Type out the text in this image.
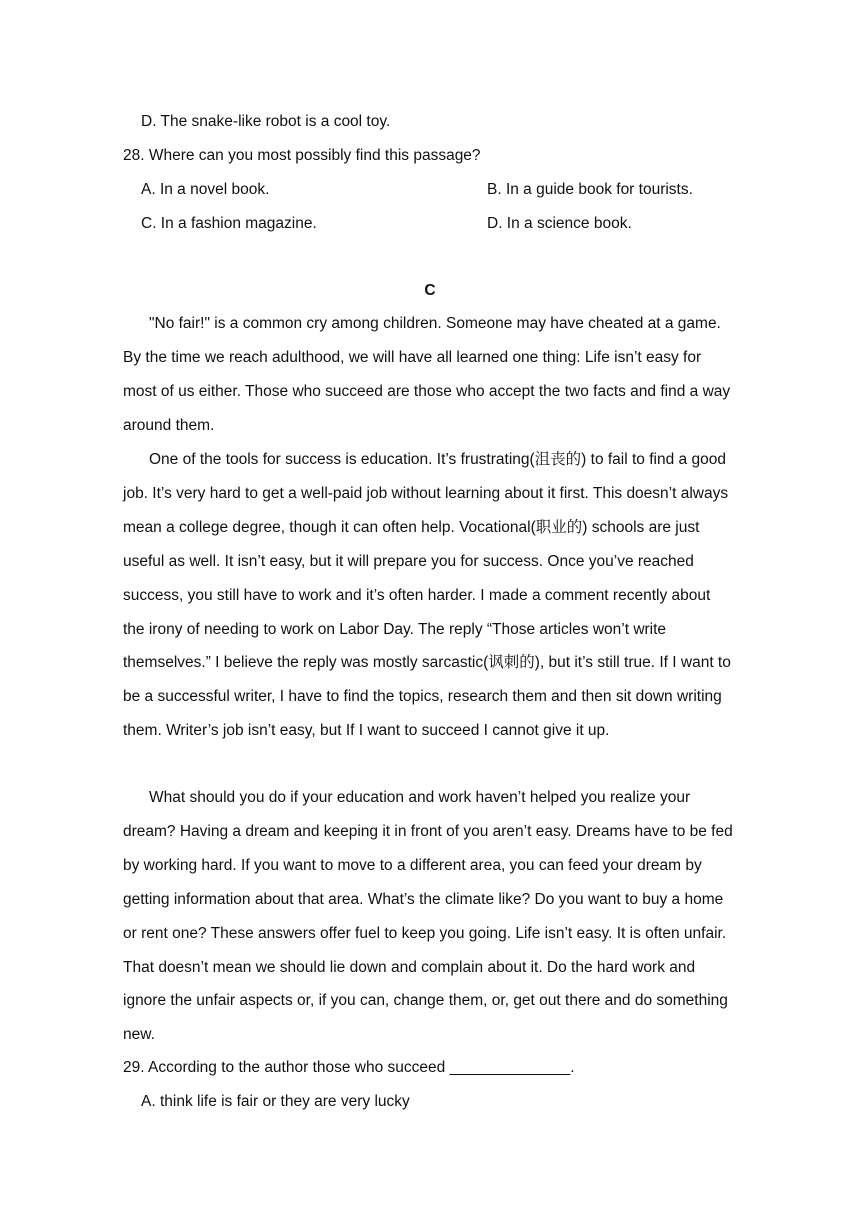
D. The snake-like robot is a cool toy.
28. Where can you most possibly find this passage?
A. In a novel book.	B. In a guide book for tourists.
C. In a fashion magazine.	D. In a science book.
C

"No fair!" is a common cry among children. Someone may have cheated at a game. By the time we reach adulthood, we will have all learned one thing: Life isn’t easy for most of us either. Those who succeed are those who accept the two facts and find a way around them.

One of the tools for success is education. It’s frustrating(沮丧的) to fail to find a good job. It’s very hard to get a well-paid job without learning about it first. This doesn’t always mean a college degree, though it can often help. Vocational(职业的) schools are just useful as well. It isn’t easy, but it will prepare you for success. Once you’ve reached success, you still have to work and it’s often harder. I made a comment recently about the irony of needing to work on Labor Day. The reply “Those articles won’t write themselves.” I believe the reply was mostly sarcastic(讽刺的), but it’s still true. If I want to be a successful writer, I have to find the topics, research them and then sit down writing them. Writer’s job isn’t easy, but If I want to succeed I cannot give it up.

What should you do if your education and work haven’t helped you realize your dream? Having a dream and keeping it in front of you aren’t easy. Dreams have to be fed by working hard. If you want to move to a different area, you can feed your dream by getting information about that area. What’s the climate like? Do you want to buy a home or rent one? These answers offer fuel to keep you going. Life isn’t easy. It is often unfair. That doesn’t mean we should lie down and complain about it. Do the hard work and ignore the unfair aspects or, if you can, change them, or, get out there and do something new.

29. According to the author those who succeed ______________.
A. think life is fair or they are very lucky
